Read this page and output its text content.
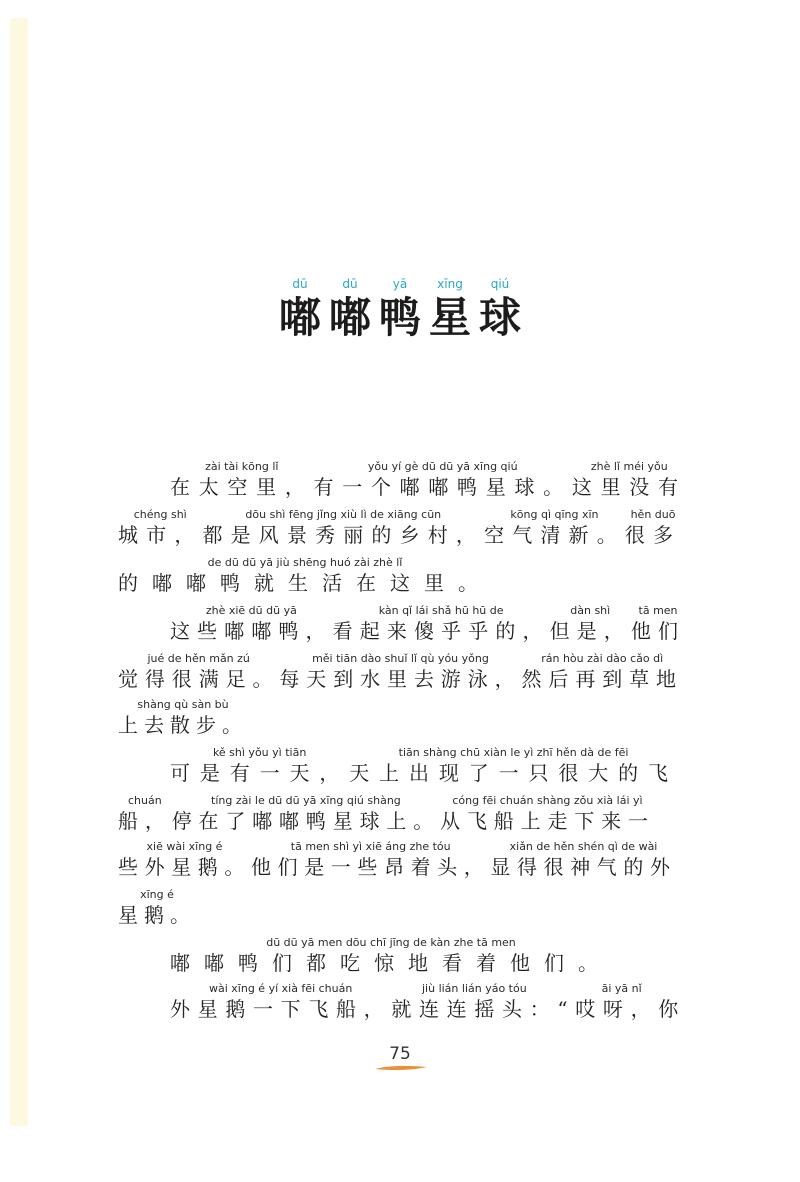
dū
嘟
dū
嘟
yā
鸭
xīng
星
qiú
球
zài tài kōng lǐ
在太空里，
yǒu yí gè dū dū yā xīng qiú
有一个嘟嘟鸭星球。
zhè lǐ méi yǒu
这里没有
chéng shì
城市，
dōu shì fēng jǐng xiù lì de xiāng cūn
都是风景秀丽的乡村，
kōng qì qīng xīn
空气清新。
hěn duō
很多
de dū dū yā jiù shēng huó zài zhè lǐ
的嘟嘟鸭就生活在这里。
zhè xiē dū dū yā
这些嘟嘟鸭，
kàn qǐ lái shǎ hū hū de
看起来傻乎乎的，
dàn shì
但是，
tā men
他们
jué de hěn mǎn zú
觉得很满足。
měi tiān dào shuǐ lǐ qù yóu yǒng
每天到水里去游泳，
rán hòu zài dào cǎo dì
然后再到草地
shàng qù sàn bù
上去散步。
kě shì yǒu yì tiān
可是有一天，
tiān shàng chū xiàn le yì zhī hěn dà de fēi
天上出现了一只很大的飞
chuán
船，
tíng zài le dū dū yā xīng qiú shàng
停在了嘟嘟鸭星球上。
cóng fēi chuán shàng zǒu xià lái yì
从飞船上走下来一
xiē wài xīng é
些外星鹅。
tā men shì yì xiē áng zhe tóu
他们是一些昂着头，
xiǎn de hěn shén qì de wài
显得很神气的外
xīng é
星鹅。
dū dū yā men dōu chī jīng de kàn zhe tā men
嘟嘟鸭们都吃惊地看着他们。
wài xīng é yí xià fēi chuán
外星鹅一下飞船，
jiù lián lián yáo tóu
就连连摇头：
āi yā nǐ
“哎呀，你
75
